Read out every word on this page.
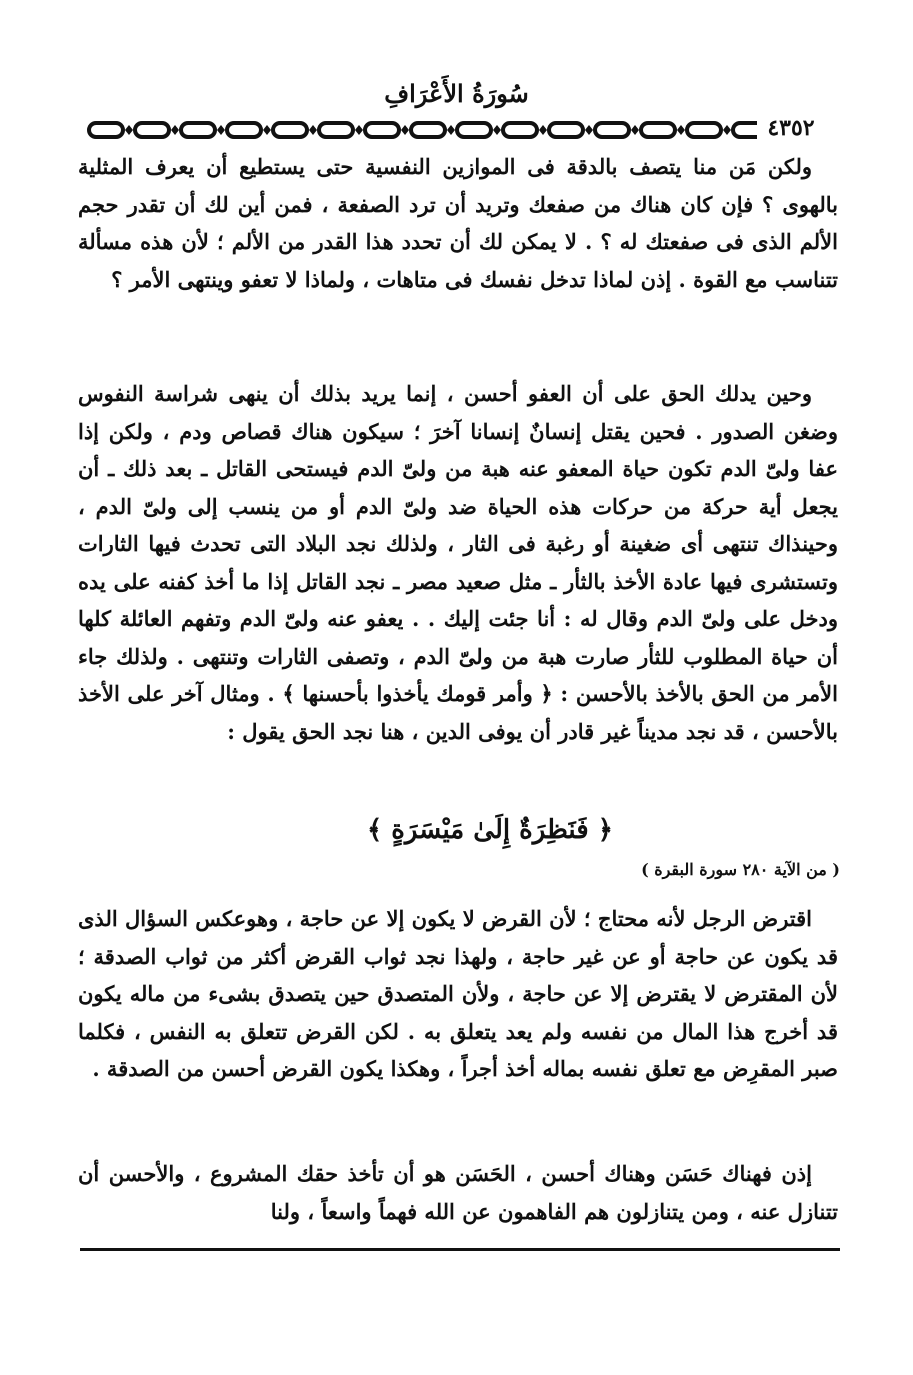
سُورَةُ الأَعْرَافِ
٤٣٥٢

ولكن مَن منا يتصف بالدقة فى الموازين النفسية حتى يستطيع أن يعرف المثلية بالهوى ؟ فإن كان هناك من صفعك وتريد أن ترد الصفعة ، فمن أين لك أن تقدر حجم الألم الذى فى صفعتك له ؟ . لا يمكن لك أن تحدد هذا القدر من الألم ؛ لأن هذه مسألة تتناسب مع القوة . إذن لماذا تدخل نفسك فى متاهات ، ولماذا لا تعفو وينتهى الأمر ؟

وحين يدلك الحق على أن العفو أحسن ، إنما يريد بذلك أن ينهى شراسة النفوس وضغن الصدور . فحين يقتل إنسانٌ إنسانا آخرَ ؛ سيكون هناك قصاص ودم ، ولكن إذا عفا ولىّ الدم تكون حياة المعفو عنه هبة من ولىّ الدم فيستحى القاتل ـ بعد ذلك ـ أن يجعل أية حركة من حركات هذه الحياة ضد ولىّ الدم أو من ينسب إلى ولىّ الدم ، وحينذاك تنتهى أى ضغينة أو رغبة فى الثار ، ولذلك نجد البلاد التى تحدث فيها الثارات وتستشرى فيها عادة الأخذ بالثأر ـ مثل صعيد مصر ـ نجد القاتل إذا ما أخذ كفنه على يده ودخل على ولىّ الدم وقال له : أنا جئت إليك . . يعفو عنه ولىّ الدم وتفهم العائلة كلها أن حياة المطلوب للثأر صارت هبة من ولىّ الدم ، وتصفى الثارات وتنتهى . ولذلك جاء الأمر من الحق بالأخذ بالأحسن : ﴿ وأمر قومك يأخذوا بأحسنها ﴾ . ومثال آخر على الأخذ بالأحسن ، قد نجد مديناً غير قادر أن يوفى الدين ، هنا نجد الحق يقول :

﴿ فَنَظِرَةٌ إِلَىٰ مَيْسَرَةٍ ﴾
( من الآية ٢٨٠ سورة البقرة )

اقترض الرجل لأنه محتاج ؛ لأن القرض لا يكون إلا عن حاجة ، وهوعكس السؤال الذى قد يكون عن حاجة أو عن غير حاجة ، ولهذا نجد ثواب القرض أكثر من ثواب الصدقة ؛ لأن المقترض لا يقترض إلا عن حاجة ، ولأن المتصدق حين يتصدق بشىء من ماله يكون قد أخرج هذا المال من نفسه ولم يعد يتعلق به . لكن القرض تتعلق به النفس ، فكلما صبر المقرِض مع تعلق نفسه بماله أخذ أجراً ، وهكذا يكون القرض أحسن من الصدقة .

إذن فهناك حَسَن وهناك أحسن ، الحَسَن هو أن تأخذ حقك المشروع ، والأحسن أن تتنازل عنه ، ومن يتنازلون هم الفاهمون عن الله فهماً واسعاً ، ولنا
